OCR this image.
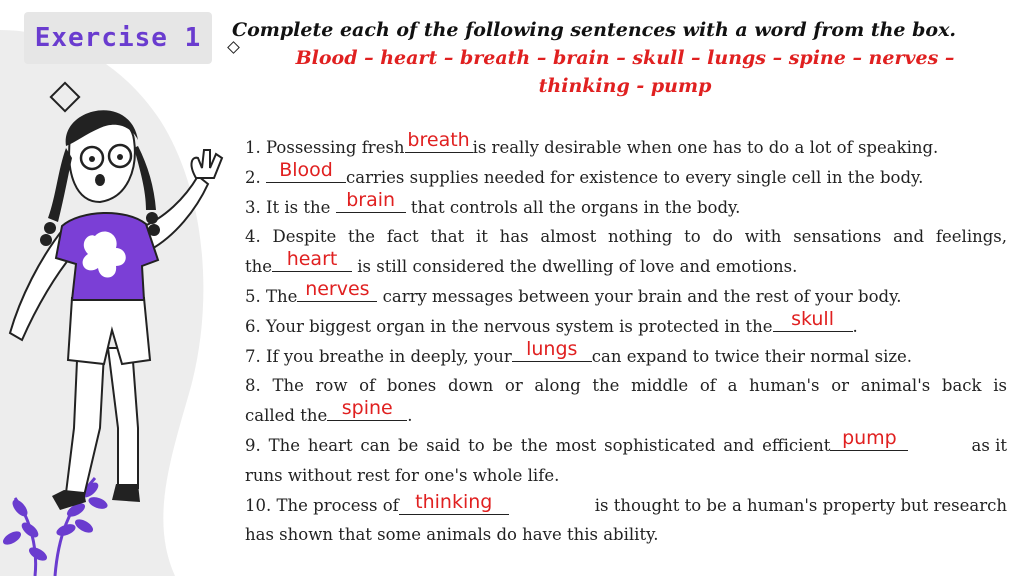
Exercise 1 Complete each of the following sentences with a word from the box.
Blood – heart – breath – brain – skull – lungs – spine – nerves –
thinking - pump
1. Possessing fresh breath is really desirable when one has to do a lot of speaking.
2. Blood carries supplies needed for existence to every single cell in the body.
3. It is the brain that controls all the organs in the body.
4. Despite the fact that it has almost nothing to do with sensations and feelings,
the heart is still considered the dwelling of love and emotions.
5. The nerves carry messages between your brain and the rest of your body.
6. Your biggest organ in the nervous system is protected in the skull	.
7. If you breathe in deeply, your lungs can expand to twice their normal size.
8. The row of bones down or along the middle of a human's or animal's back is
called the spine .
9. The heart can be said to be the most sophisticated and efficient pump	as it
runs without rest for one's whole life.
10. The process of thinking	is thought to be a human's property but research
has shown that some animals do have this ability.
